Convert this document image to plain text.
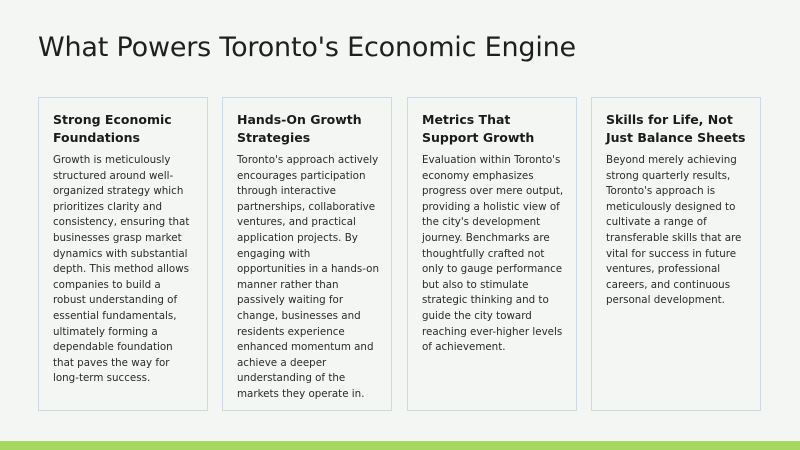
What Powers Toronto's Economic Engine
Strong Economic Foundations

Growth is meticulously structured around well-organized strategy which prioritizes clarity and consistency, ensuring that businesses grasp market dynamics with substantial depth. This method allows companies to build a robust understanding of essential fundamentals, ultimately forming a dependable foundation that paves the way for long-term success.

Hands-On Growth Strategies

Toronto's approach actively encourages participation through interactive partnerships, collaborative ventures, and practical application projects. By engaging with opportunities in a hands-on manner rather than passively waiting for change, businesses and residents experience enhanced momentum and achieve a deeper understanding of the markets they operate in.

Metrics That Support Growth

Evaluation within Toronto's economy emphasizes progress over mere output, providing a holistic view of the city's development journey. Benchmarks are thoughtfully crafted not only to gauge performance but also to stimulate strategic thinking and to guide the city toward reaching ever-higher levels of achievement.

Skills for Life, Not Just Balance Sheets

Beyond merely achieving strong quarterly results, Toronto's approach is meticulously designed to cultivate a range of transferable skills that are vital for success in future ventures, professional careers, and continuous personal development.
